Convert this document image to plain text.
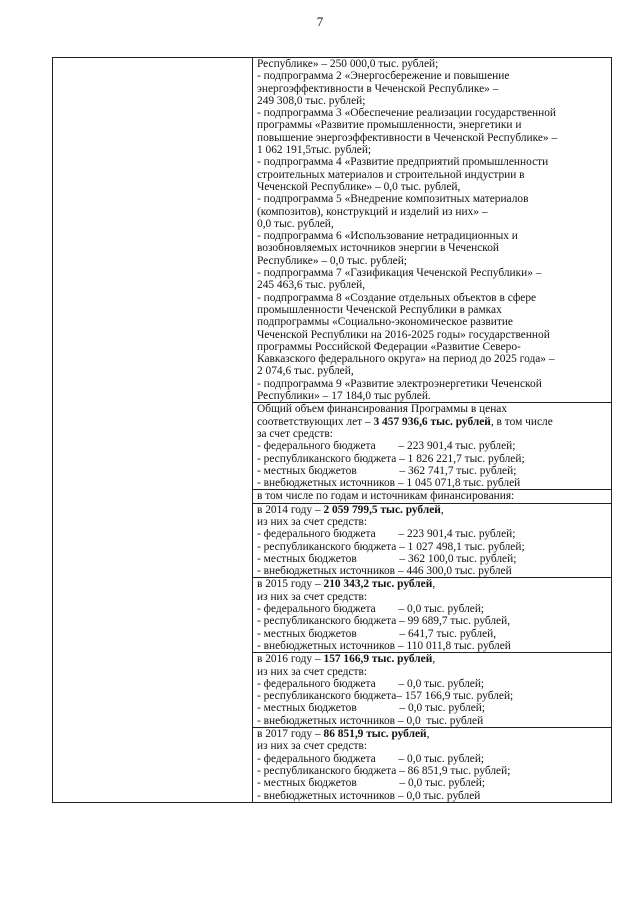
7

Республике» – 250 000,0 тыс. рублей;
- подпрограмма 2 «Энергосбережение и повышение
энергоэффективности в Чеченской Республике» –
249 308,0 тыс. рублей;
- подпрограмма 3 «Обеспечение реализации государственной
программы «Развитие промышленности, энергетики и
повышение энергоэффективности в Чеченской Республике» –
1 062 191,5тыс. рублей;
- подпрограмма 4 «Развитие предприятий промышленности
строительных материалов и строительной индустрии в
Чеченской Республике» – 0,0 тыс. рублей,
- подпрограмма 5 «Внедрение композитных материалов
(композитов), конструкций и изделий из них» –
0,0 тыс. рублей,
- подпрограмма 6 «Использование нетрадиционных и
возобновляемых источников энергии в Чеченской
Республике» – 0,0 тыс. рублей;
- подпрограмма 7 «Газификация Чеченской Республики» –
245 463,6 тыс. рублей,
- подпрограмма 8 «Создание отдельных объектов в сфере
промышленности Чеченской Республики в рамках
подпрограммы «Социально-экономическое развитие
Чеченской Республики на 2016-2025 годы» государственной
программы Российской Федерации «Развитие Северо-
Кавказского федерального округа» на период до 2025 года» –
2 074,6 тыс. рублей,
- подпрограмма 9 «Развитие электроэнергетики Чеченской
Республики» – 17 184,0 тыс рублей.

Общий объем финансирования Программы в ценах
соответствующих лет – 3 457 936,6 тыс. рублей, в том числе
за счет средств:
- федерального бюджета        – 223 901,4 тыс. рублей;
- республиканского бюджета – 1 826 221,7 тыс. рублей;
- местных бюджетов               – 362 741,7 тыс. рублей;
- внебюджетных источников – 1 045 071,8 тыс. рублей

в том числе по годам и источникам финансирования:

в 2014 году – 2 059 799,5 тыс. рублей,
из них за счет средств:
- федерального бюджета        – 223 901,4 тыс. рублей;
- республиканского бюджета – 1 027 498,1 тыс. рублей;
- местных бюджетов               – 362 100,0 тыс. рублей;
- внебюджетных источников – 446 300,0 тыс. рублей

в 2015 году – 210 343,2 тыс. рублей,
из них за счет средств:
- федерального бюджета        – 0,0 тыс. рублей;
- республиканского бюджета – 99 689,7 тыс. рублей,
- местных бюджетов               – 641,7 тыс. рублей,
- внебюджетных источников – 110 011,8 тыс. рублей

в 2016 году – 157 166,9 тыс. рублей,
из них за счет средств:
- федерального бюджета        – 0,0 тыс. рублей;
- республиканского бюджета– 157 166,9 тыс. рублей;
- местных бюджетов               – 0,0 тыс. рублей;
- внебюджетных источников – 0,0  тыс. рублей

в 2017 году – 86 851,9 тыс. рублей,
из них за счет средств:
- федерального бюджета        – 0,0 тыс. рублей;
- республиканского бюджета – 86 851,9 тыс. рублей;
- местных бюджетов               – 0,0 тыс. рублей;
- внебюджетных источников – 0,0 тыс. рублей
